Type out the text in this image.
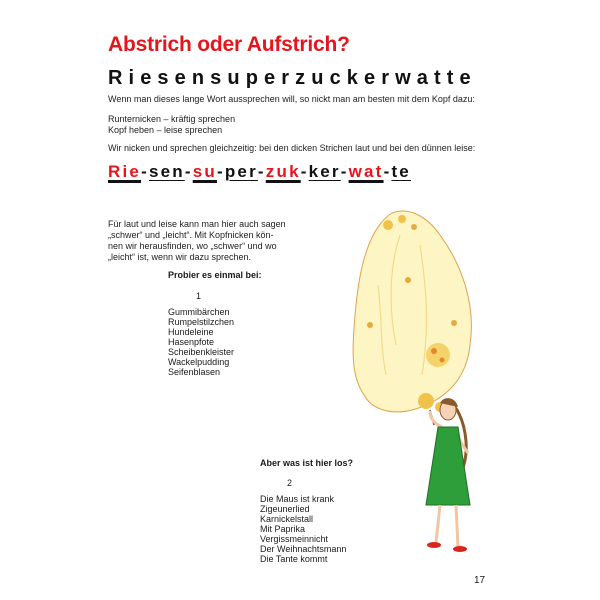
Abstrich oder Aufstrich?
Riesensuperzuckerwatte
Wenn man dieses lange Wort aussprechen will, so nickt man am besten mit dem Kopf dazu:
Runternicken – kräftig sprechen
Kopf heben – leise sprechen
Wir nicken und sprechen gleichzeitig: bei den dicken Strichen laut und bei den dünnen leise:
Rie-sen-su-per-zuk-ker-wat-te
Für laut und leise kann man hier auch sagen
„schwer“ und „leicht“. Mit Kopfnicken kön-
nen wir herausfinden, wo „schwer“ und wo
„leicht“ ist, wenn wir dazu sprechen.
Probier es einmal bei:
1
Gummibärchen
Rumpelstilzchen
Hundeleine
Hasenpfote
Scheibenkleister
Wackelpudding
Seifenblasen
Aber was ist hier los?
2
Die Maus ist krank
Zigeunerlied
Karnickelstall
Mit Paprika
Vergissmeinnicht
Der Weihnachtsmann
Die Tante kommt
17
